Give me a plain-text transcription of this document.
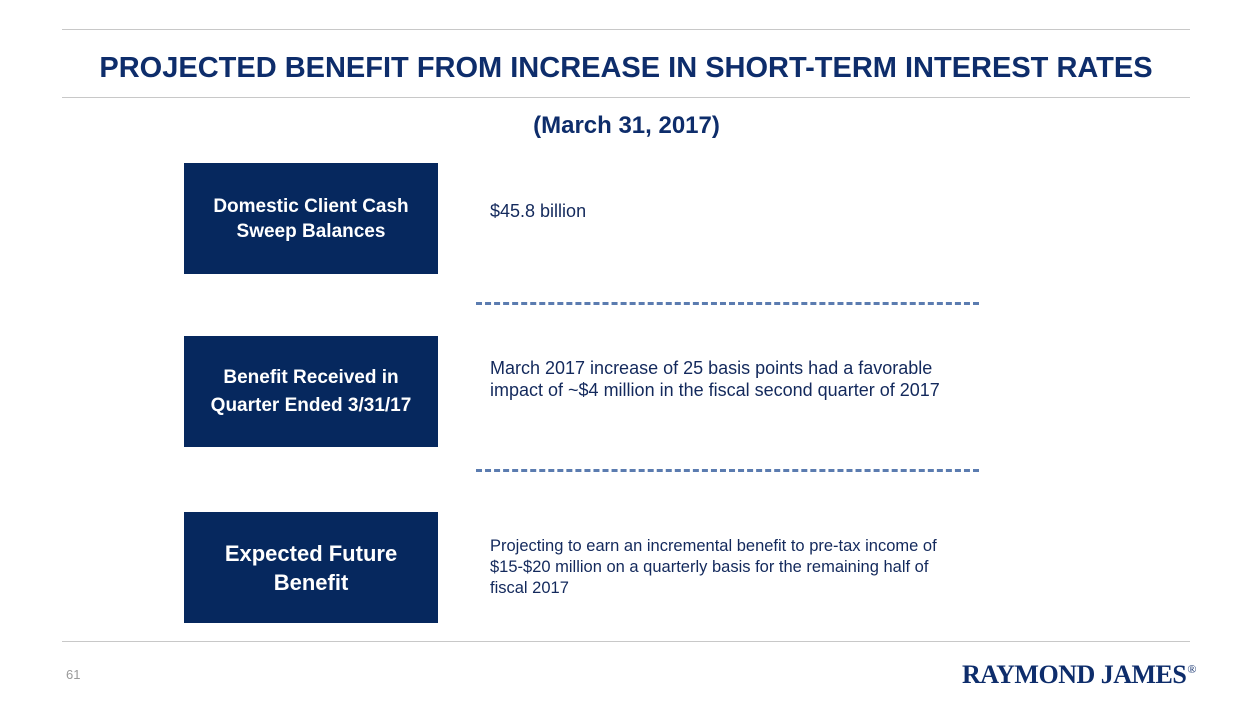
PROJECTED BENEFIT FROM INCREASE IN SHORT-TERM INTEREST RATES
(March 31, 2017)
Domestic Client Cash
Sweep Balances
$45.8 billion
Benefit Received in
Quarter Ended 3/31/17
March 2017 increase of 25 basis points had a favorable
impact of ~$4 million in the fiscal second quarter of 2017
Expected Future
Benefit
Projecting to earn an incremental benefit to pre-tax income of
$15-$20 million on a quarterly basis for the remaining half of
fiscal 2017
61	RAYMOND JAMES®
